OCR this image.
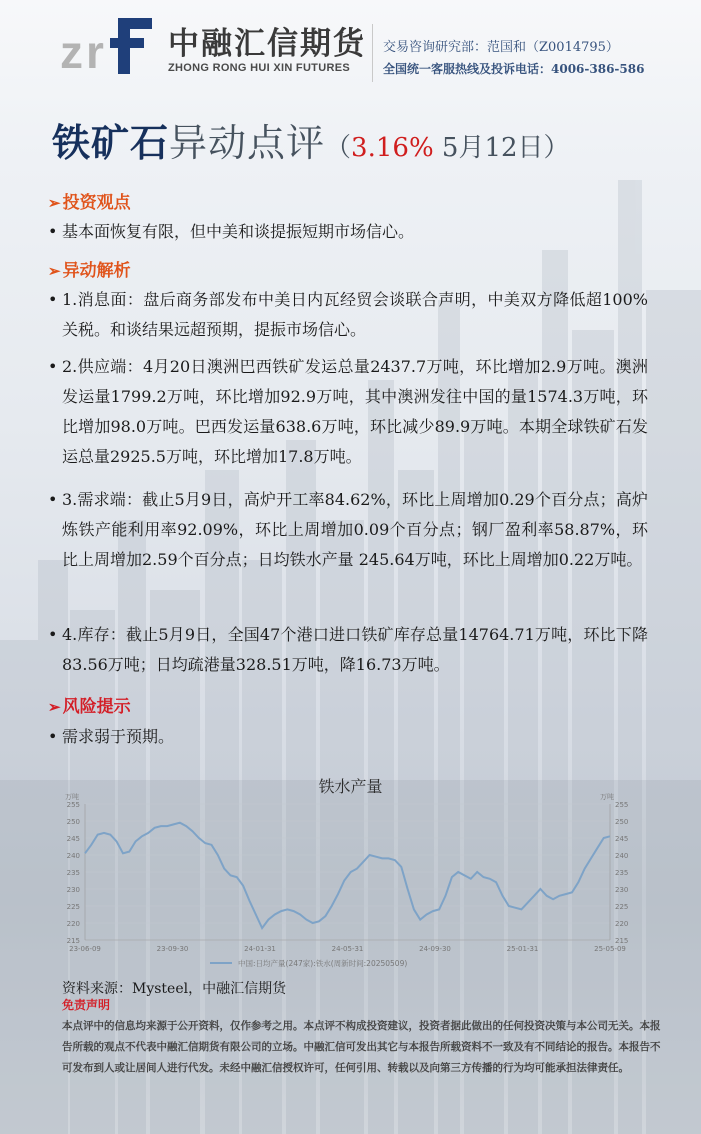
z r 中融汇信期货
ZHONG RONG HUI XIN FUTURES
交易咨询研究部：范国和（Z0014795）
全国统一客服热线及投诉电话：4006-386-586
铁矿石异动点评（3.16% 5月12日）
➢ 投资观点
• 基本面恢复有限，但中美和谈提振短期市场信心。
➢ 异动解析
• 1.消息面：盘后商务部发布中美日内瓦经贸会谈联合声明，中美双方降低超100%关税。和谈结果远超预期，提振市场信心。
• 2.供应端：4月20日澳洲巴西铁矿发运总量2437.7万吨，环比增加2.9万吨。澳洲发运量1799.2万吨，环比增加92.9万吨，其中澳洲发往中国的量1574.3万吨，环比增加98.0万吨。巴西发运量638.6万吨，环比减少89.9万吨。本期全球铁矿石发运总量2925.5万吨，环比增加17.8万吨。
• 3.需求端：截止5月9日，高炉开工率84.62%，环比上周增加0.29个百分点；高炉炼铁产能利用率92.09%，环比上周增加0.09个百分点；钢厂盈利率58.87%，环比上周增加2.59个百分点；日均铁水产量 245.64万吨，环比上周增加0.22万吨。
• 4.库存：截止5月9日，全国47个港口进口铁矿库存总量14764.71万吨，环比下降83.56万吨；日均疏港量328.51万吨，降16.73万吨。
➢ 风险提示
• 需求弱于预期。
铁水产量
万吨	万吨
215	215
220	220
225	225
230	230
235	235
240	240
245	245
250	250
255	255
23-06-09	23-09-30	24-01-31	24-05-31	24-09-30	25-01-31	25-05-09
中国:日均产量(247家):铁水(周新时间:20250509)
资料来源：Mysteel，中融汇信期货
免责声明
本点评中的信息均来源于公开资料，仅作参考之用。本点评不构成投资建议，投资者据此做出的任何投资决策与本公司无关。本报告所载的观点不代表中融汇信期货有限公司的立场。中融汇信可发出其它与本报告所载资料不一致及有不同结论的报告。本报告不可发布到人或让居间人进行代发。未经中融汇信授权许可，任何引用、转载以及向第三方传播的行为均可能承担法律责任。
